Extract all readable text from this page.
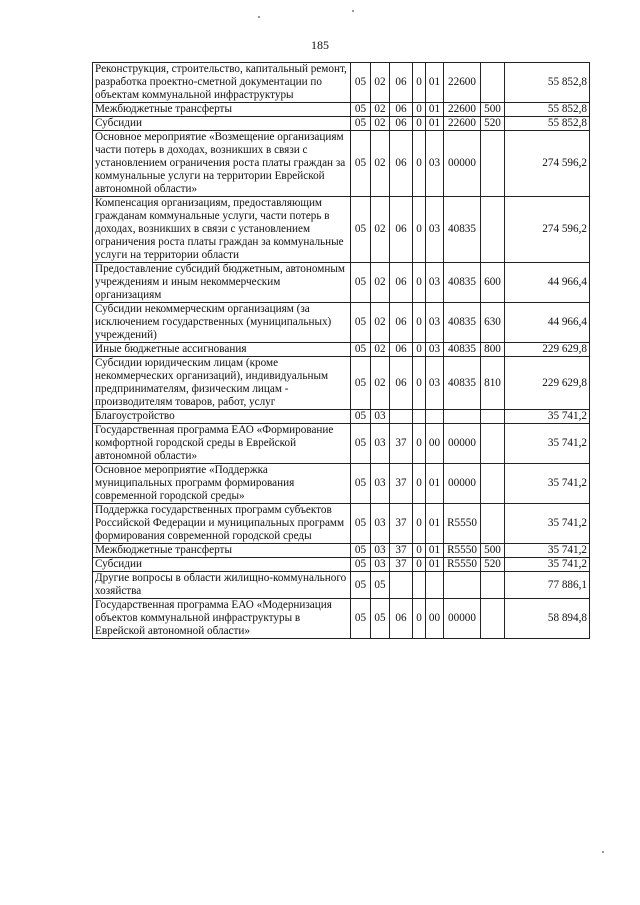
185
Реконструкция, строительство, капитальный ремонт, разработка проектно-сметной документации по объектам коммунальной инфраструктуры	05	02	06	0	01	22600		55 852,8
Межбюджетные трансферты	05	02	06	0	01	22600	500	55 852,8
Субсидии	05	02	06	0	01	22600	520	55 852,8
Основное мероприятие «Возмещение организациям части потерь в доходах, возникших в связи с установлением ограничения роста платы граждан за коммунальные услуги на территории Еврейской автономной области»	05	02	06	0	03	00000		274 596,2
Компенсация организациям, предоставляющим гражданам коммунальные услуги, части потерь в доходах, возникших в связи с установлением ограничения роста платы граждан за коммунальные услуги на территории области	05	02	06	0	03	40835		274 596,2
Предоставление субсидий бюджетным, автономным учреждениям и иным некоммерческим организациям	05	02	06	0	03	40835	600	44 966,4
Субсидии некоммерческим организациям (за исключением государственных (муниципальных) учреждений)	05	02	06	0	03	40835	630	44 966,4
Иные бюджетные ассигнования	05	02	06	0	03	40835	800	229 629,8
Субсидии юридическим лицам (кроме некоммерческих организаций), индивидуальным предпринимателям, физическим лицам - производителям товаров, работ, услуг	05	02	06	0	03	40835	810	229 629,8
Благоустройство	05	03						35 741,2
Государственная программа ЕАО «Формирование комфортной городской среды в Еврейской автономной области»	05	03	37	0	00	00000		35 741,2
Основное мероприятие «Поддержка муниципальных программ формирования современной городской среды»	05	03	37	0	01	00000		35 741,2
Поддержка государственных программ субъектов Российской Федерации и муниципальных программ формирования современной городской среды	05	03	37	0	01	R5550		35 741,2
Межбюджетные трансферты	05	03	37	0	01	R5550	500	35 741,2
Субсидии	05	03	37	0	01	R5550	520	35 741,2
Другие вопросы в области жилищно-коммунального хозяйства	05	05						77 886,1
Государственная программа ЕАО «Модернизация объектов коммунальной инфраструктуры в Еврейской автономной области»	05	05	06	0	00	00000		58 894,8
